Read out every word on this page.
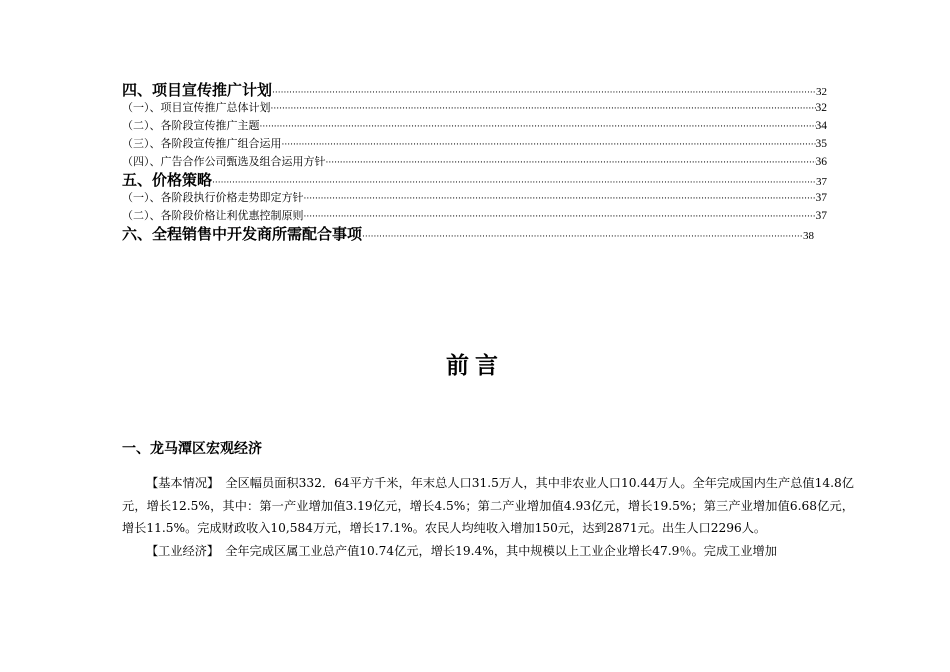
四、项目宣传推广计划 ·····	32
（一）、项目宣传推广总体计划 ·····	32
（二）、各阶段宣传推广主题 ·····	34
（三）、各阶段宣传推广组合运用 ·····	35
（四）、广告合作公司甄选及组合运用方针 ·····	36
五、价格策略 ·····	37
（一）、各阶段执行价格走势即定方针 ·····	37
（二）、各阶段价格让利优惠控制原则 ·····	37
六、全程销售中开发商所需配合事项 ·····	38
前言
一、龙马潭区宏观经济

【基本情况】　全区幅员面积332．64平方千米，年末总人口31.5万人，其中非农业人口10.44万人。全年完成国内生产总值14.8亿元，增长12.5%，其中：第一产业增加值3.19亿元，增长4.5%；第二产业增加值4.93亿元，增长19.5%；第三产业增加值6.68亿元，增长11.5%。完成财政收入10,584万元，增长17.1%。农民人均纯收入增加150元，达到2871元。出生人口2296人。

【工业经济】　全年完成区属工业总产值10.74亿元，增长19.4%，其中规模以上工业企业增长47.9％。完成工业增加
